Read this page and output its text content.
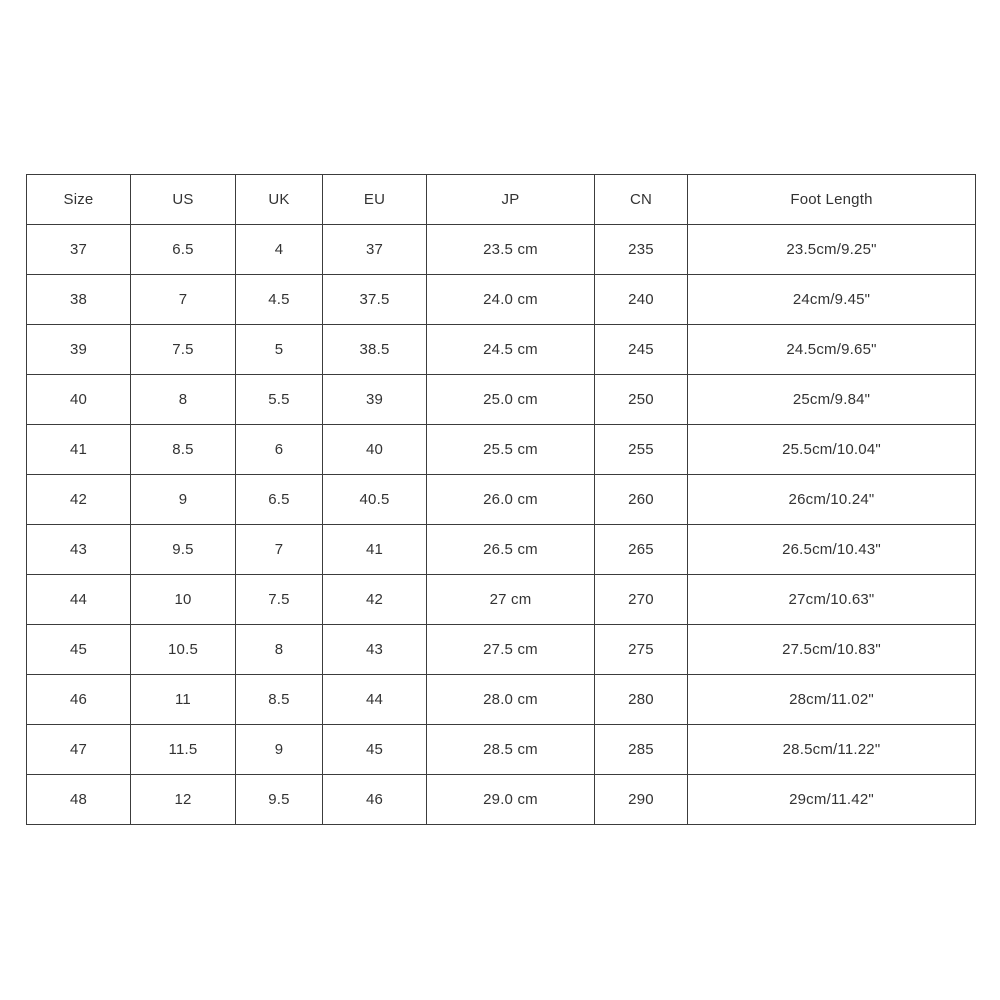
Size	US	UK	EU	JP	CN	Foot Length
37	6.5	4	37	23.5 cm	235	23.5cm/9.25"
38	7	4.5	37.5	24.0 cm	240	24cm/9.45"
39	7.5	5	38.5	24.5 cm	245	24.5cm/9.65"
40	8	5.5	39	25.0 cm	250	25cm/9.84"
41	8.5	6	40	25.5 cm	255	25.5cm/10.04"
42	9	6.5	40.5	26.0 cm	260	26cm/10.24"
43	9.5	7	41	26.5 cm	265	26.5cm/10.43"
44	10	7.5	42	27 cm	270	27cm/10.63"
45	10.5	8	43	27.5 cm	275	27.5cm/10.83"
46	11	8.5	44	28.0 cm	280	28cm/11.02"
47	11.5	9	45	28.5 cm	285	28.5cm/11.22"
48	12	9.5	46	29.0 cm	290	29cm/11.42"
